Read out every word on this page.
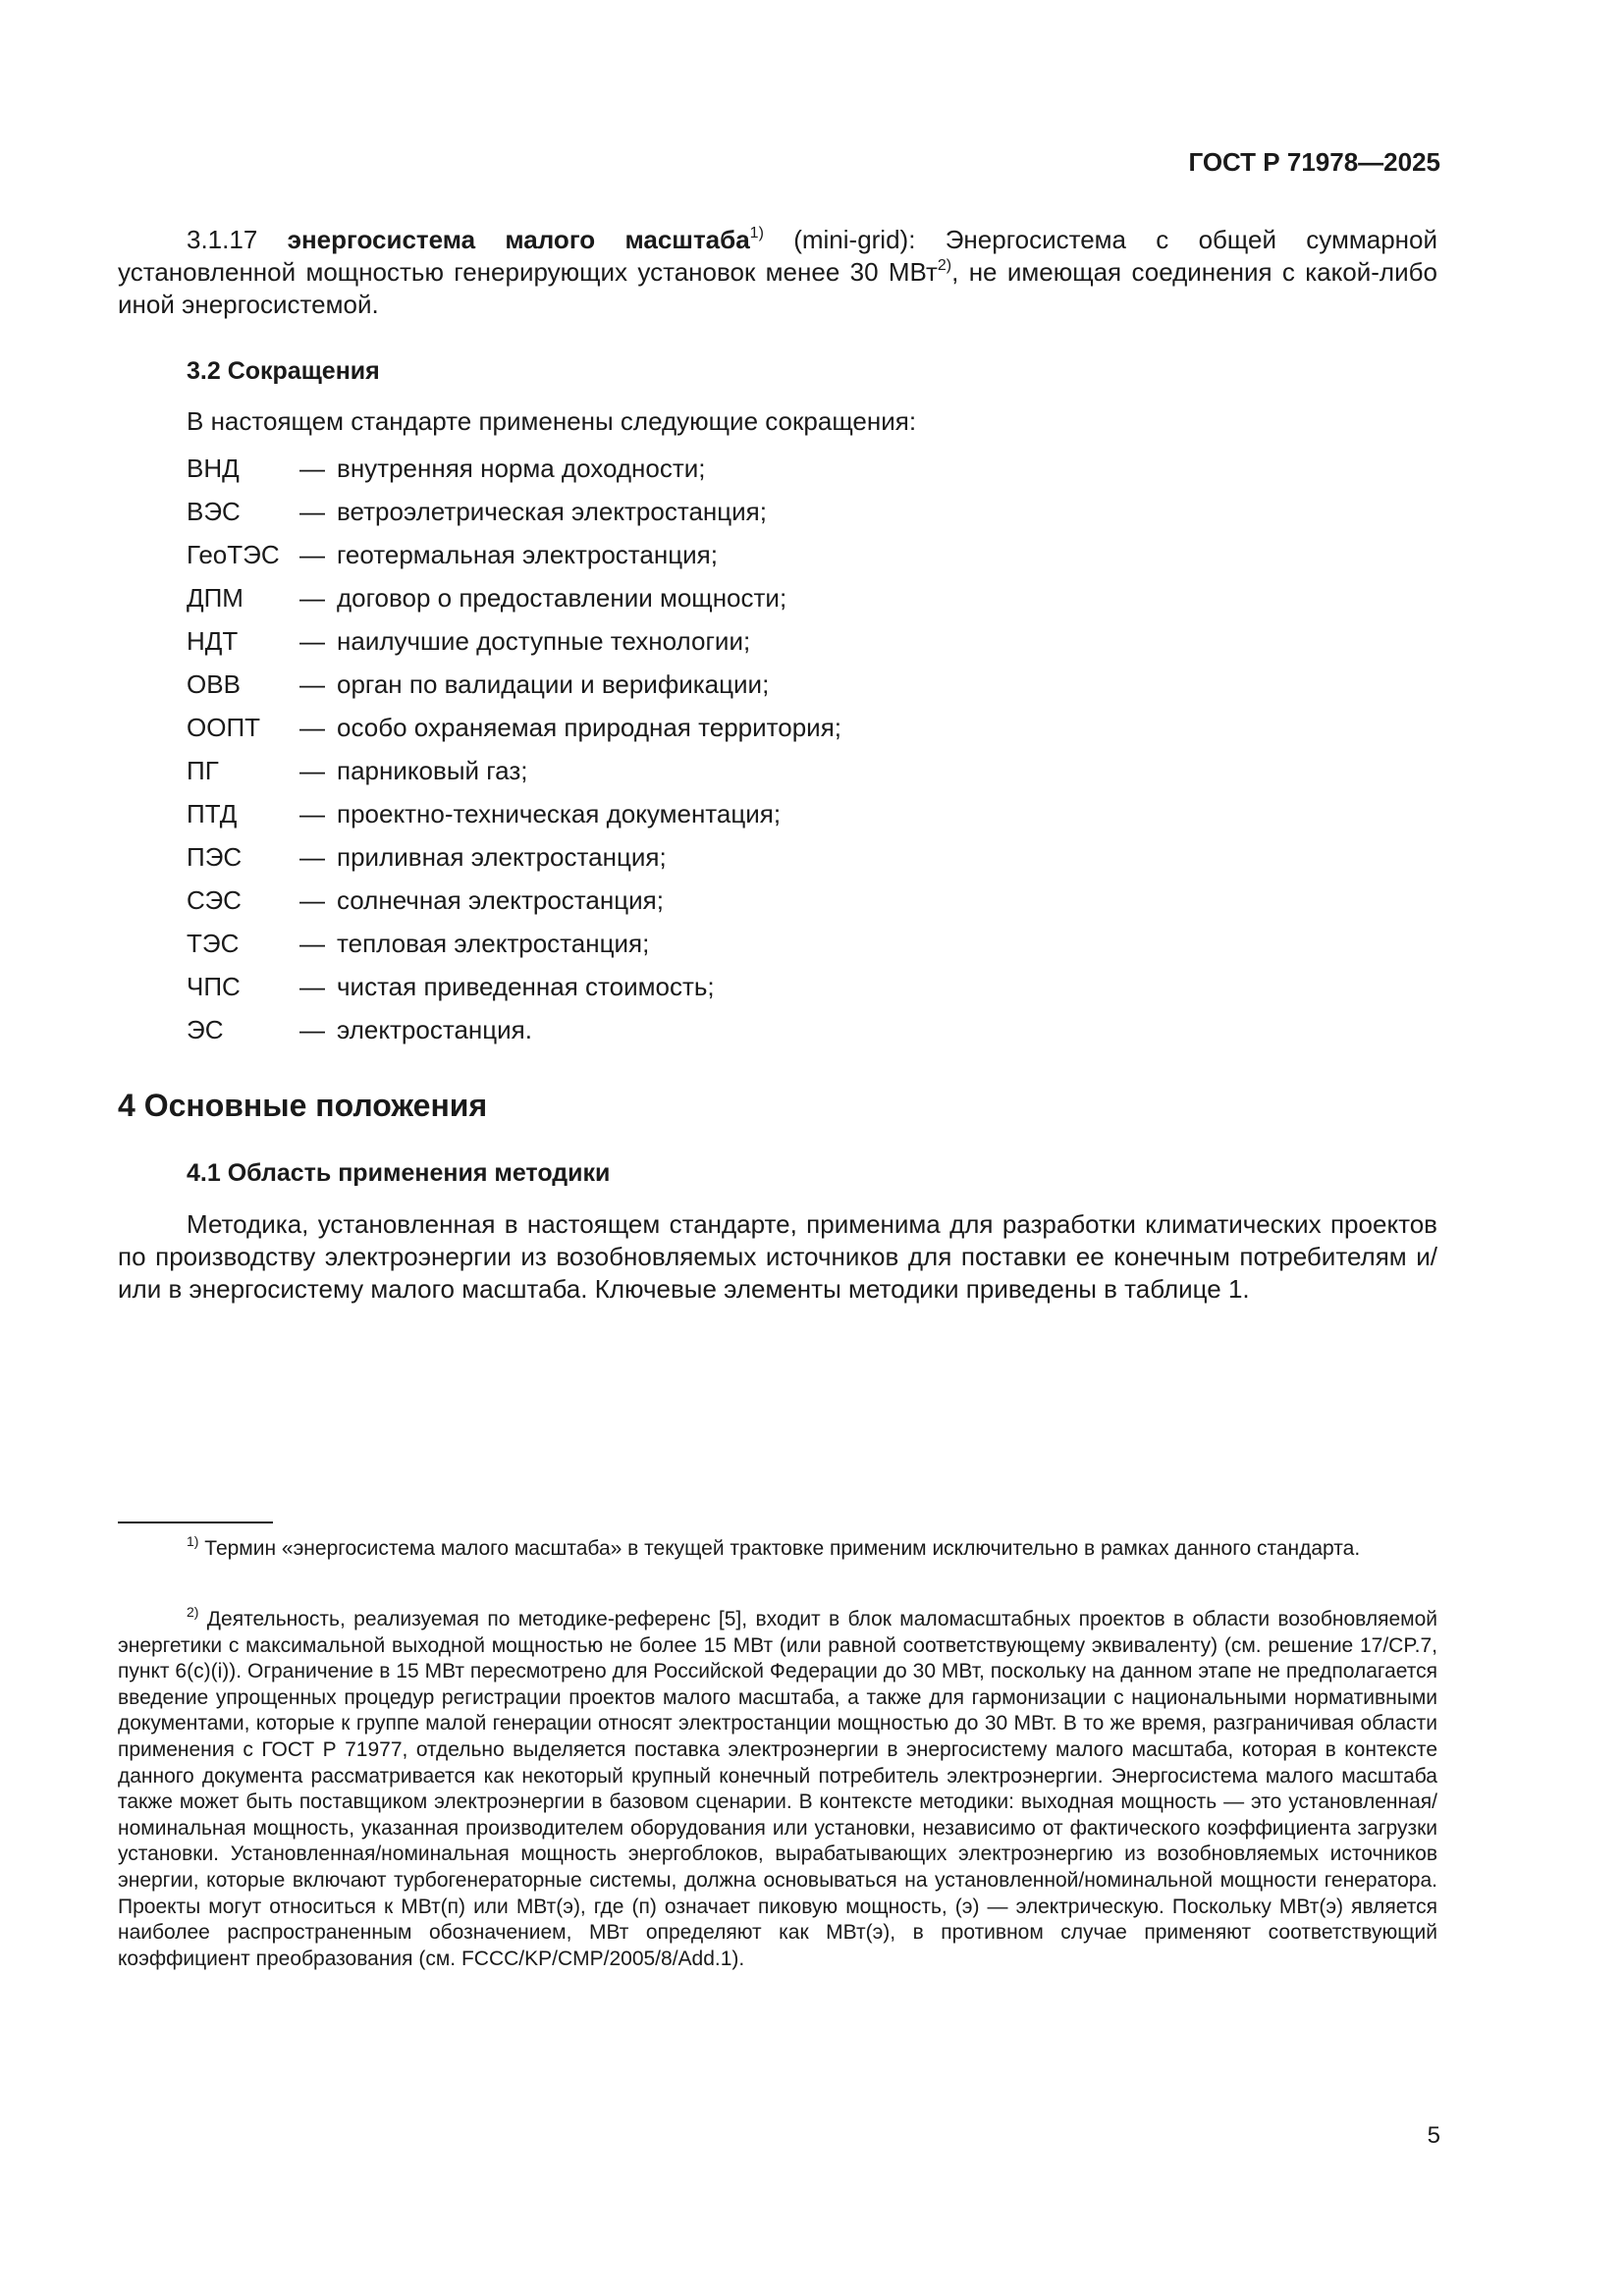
ГОСТ Р 71978—2025

3.1.17 энергосистема малого масштаба$^{1)}$ (mini-grid): Энергосистема с общей суммарной установленной мощностью генерирующих установок менее 30 МВт$^{2)}$, не имеющая соединения с какой-либо иной энергосистемой.

3.2 Сокращения
В настоящем стандарте применены следующие сокращения:
ВНД	— внутренняя норма доходности;
ВЭС	— ветроэлетрическая электростанция;
ГеоТЭС — геотермальная электростанция;
ДПМ	— договор о предоставлении мощности;
НДТ	— наилучшие доступные технологии;
ОВВ	— орган по валидации и верификации;
ООПТ	— особо охраняемая природная территория;
ПГ	— парниковый газ;
ПТД	— проектно-техническая документация;
ПЭС	— приливная электростанция;
СЭС	— солнечная электростанция;
ТЭС	— тепловая электростанция;
ЧПС	— чистая приведенная стоимость;
ЭС	— электростанция.
4 Основные положения
4.1 Область применения методики

Методика, установленная в настоящем стандарте, применима для разработки климатических проектов по производству электроэнергии из возобновляемых источников для поставки ее конечным потребителям и/или в энергосистему малого масштаба. Ключевые элементы методики приведены в таблице 1.

$^{1)}$ Термин «энергосистема малого масштаба» в текущей трактовке применим исключительно в рамках данного стандарта.

$^{2)}$ Деятельность, реализуемая по методике-референс [5], входит в блок маломасштабных проектов в области возобновляемой энергетики с максимальной выходной мощностью не более 15 МВт (или равной соответствующему эквиваленту) (см. решение 17/CP.7, пункт 6(c)(i)). Ограничение в 15 МВт пересмотрено для Российской Федерации до 30 МВт, поскольку на данном этапе не предполагается введение упрощенных процедур регистрации проектов малого масштаба, а также для гармонизации с национальными нормативными документами, которые к группе малой генерации относят электростанции мощностью до 30 МВт. В то же время, разграничивая области применения с ГОСТ Р 71977, отдельно выделяется поставка электроэнергии в энергосистему малого масштаба, которая в контексте данного документа рассматривается как некоторый крупный конечный потребитель электроэнергии. Энергосистема малого масштаба также может быть поставщиком электроэнергии в базовом сценарии. В контексте методики: выходная мощность — это установленная/номинальная мощность, указанная производителем оборудования или установки, независимо от фактического коэффициента загрузки установки. Установленная/номинальная мощность энергоблоков, вырабатывающих электроэнергию из возобновляемых источников энергии, которые включают турбогенераторные системы, должна основываться на установленной/номинальной мощности генератора. Проекты могут относиться к МВт(п) или МВт(э), где (п) означает пиковую мощность, (э) — электрическую. Поскольку МВт(э) является наиболее распространенным обозначением, МВт определяют как МВт(э), в противном случае применяют соответствующий коэффициент преобразования (см. FCCC/KP/CMP/2005/8/Add.1).

5
